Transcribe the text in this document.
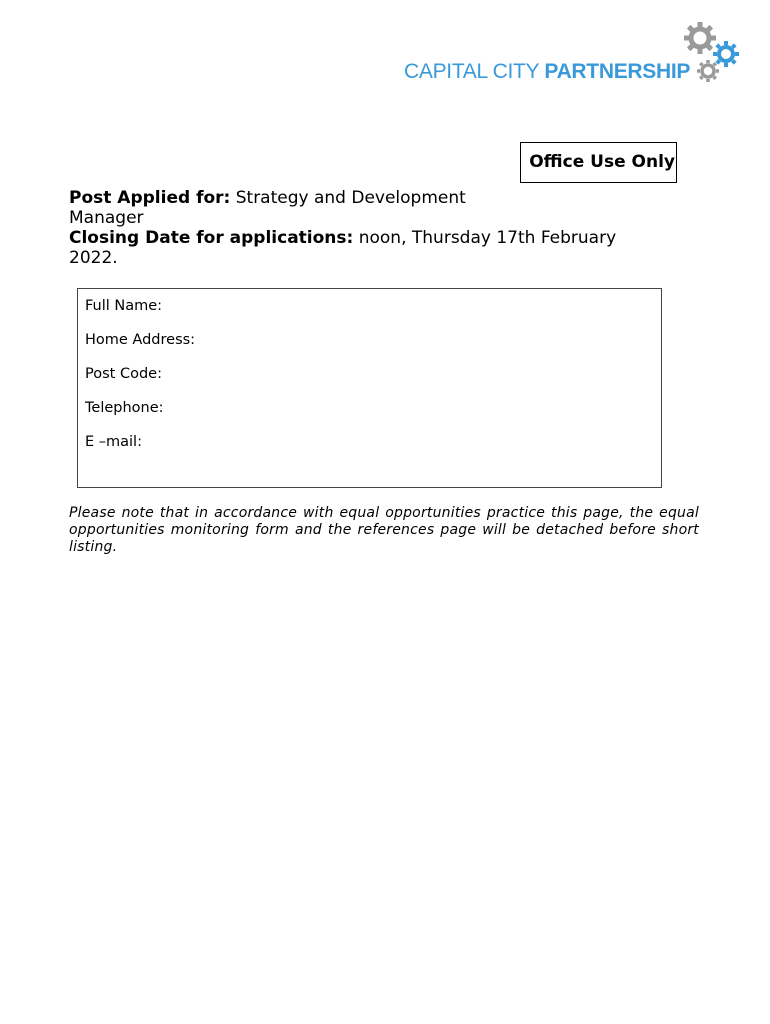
CAPITAL CITY PARTNERSHIP
Office Use Only
Post Applied for: Strategy and Development
Manager
Closing Date for applications: noon, Thursday 17th February
2022.
Full Name:
Home Address:
Post Code:
Telephone:
E –mail:
Please note that in accordance with equal opportunities practice this page, the equal opportunities monitoring form and the references page will be detached before short listing.
